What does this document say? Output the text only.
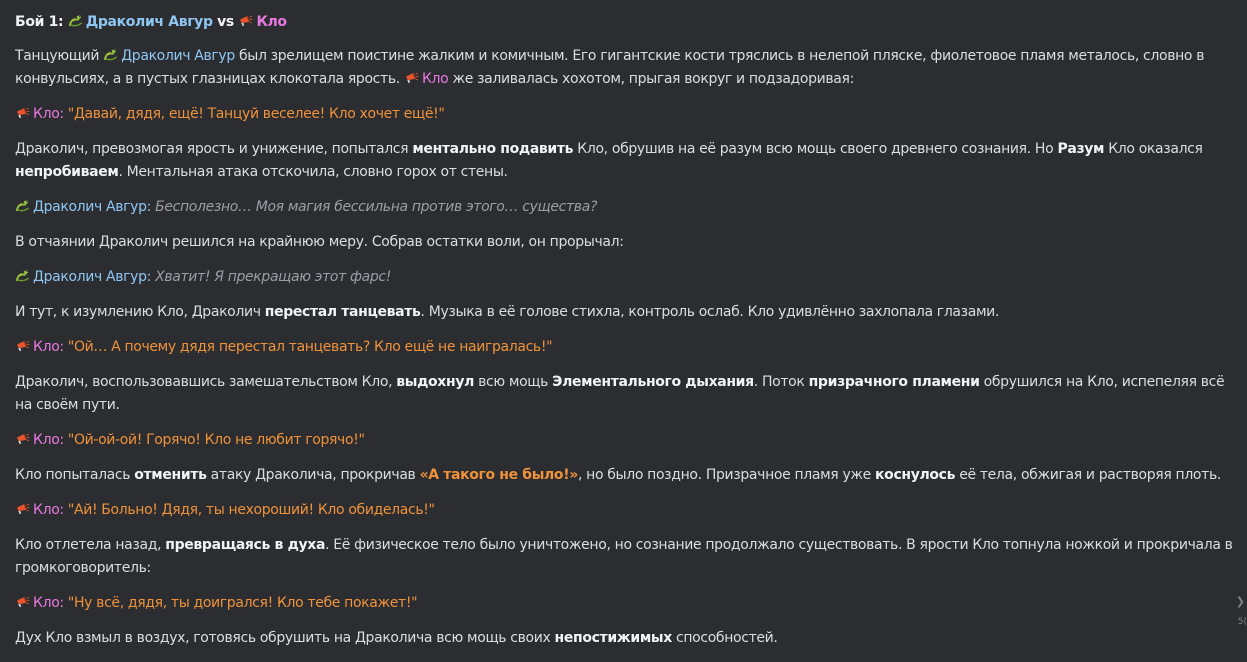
Бой 1: Драколич Авгур vs Кло

Танцующий Драколич Авгур был зрелищем поистине жалким и комичным. Его гигантские кости тряслись в нелепой пляске, фиолетовое пламя металось, словно в конвульсиях, а в пустых глазницах клокотала ярость. Кло же заливалась хохотом, прыгая вокруг и подзадоривая:

Кло: "Давай, дядя, ещё! Танцуй веселее! Кло хочет ещё!"

Драколич, превозмогая ярость и унижение, попытался ментально подавить Кло, обрушив на её разум всю мощь своего древнего сознания. Но Разум Кло оказался непробиваем. Ментальная атака отскочила, словно горох от стены.

Драколич Авгур: Бесполезно… Моя магия бессильна против этого… существа?

В отчаянии Драколич решился на крайнюю меру. Собрав остатки воли, он прорычал:

Драколич Авгур: Хватит! Я прекращаю этот фарс!

И тут, к изумлению Кло, Драколич перестал танцевать. Музыка в её голове стихла, контроль ослаб. Кло удивлённо захлопала глазами.

Кло: "Ой… А почему дядя перестал танцевать? Кло ещё не наигралась!"

Драколич, воспользовавшись замешательством Кло, выдохнул всю мощь Элементального дыхания. Поток призрачного пламени обрушился на Кло, испепеляя всё на своём пути.

Кло: "Ой-ой-ой! Горячо! Кло не любит горячо!"

Кло попыталась отменить атаку Драколича, прокричав «А такого не было!», но было поздно. Призрачное пламя уже коснулось её тела, обжигая и растворяя плоть.

Кло: "Ай! Больно! Дядя, ты нехороший! Кло обиделась!"

Кло отлетела назад, превращаясь в духа. Её физическое тело было уничтожено, но сознание продолжало существовать. В ярости Кло топнула ножкой и прокричала в громкоговоритель:

Кло: "Ну всё, дядя, ты доигрался! Кло тебе покажет!"

Дух Кло взмыл в воздух, готовясь обрушить на Драколича всю мощь своих непостижимых способностей.

❯
5(
